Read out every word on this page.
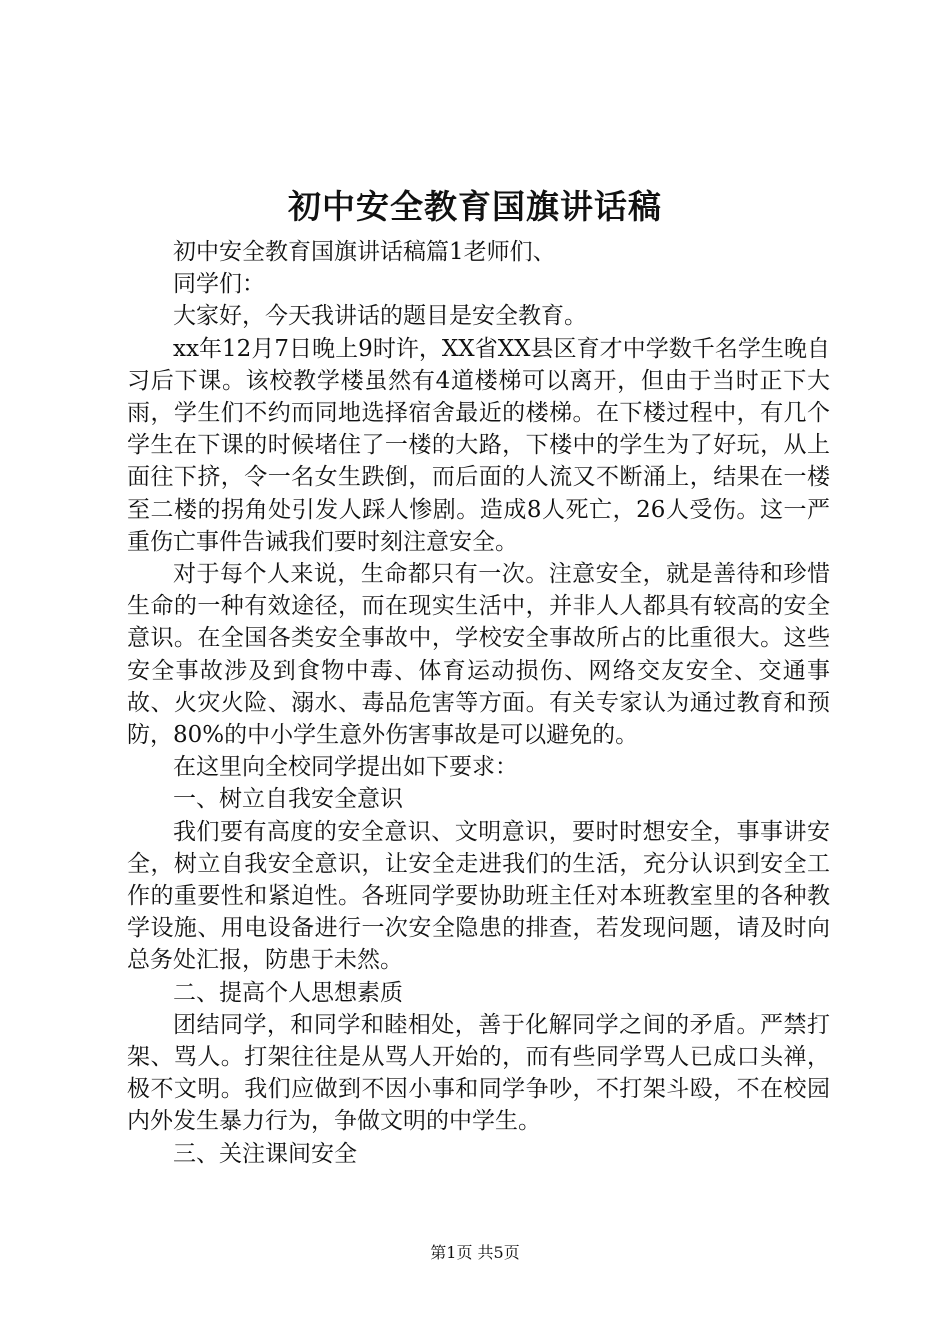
初中安全教育国旗讲话稿

初中安全教育国旗讲话稿篇1老师们、

同学们：

大家好，今天我讲话的题目是安全教育。

xx年12月7日晚上9时许，XX省XX县区育才中学数千名学生晚自习后下课。该校教学楼虽然有4道楼梯可以离开，但由于当时正下大雨，学生们不约而同地选择宿舍最近的楼梯。在下楼过程中，有几个学生在下课的时候堵住了一楼的大路，下楼中的学生为了好玩，从上面往下挤，令一名女生跌倒，而后面的人流又不断涌上，结果在一楼至二楼的拐角处引发人踩人惨剧。造成8人死亡，26人受伤。这一严重伤亡事件告诫我们要时刻注意安全。

对于每个人来说，生命都只有一次。注意安全，就是善待和珍惜生命的一种有效途径，而在现实生活中，并非人人都具有较高的安全意识。在全国各类安全事故中，学校安全事故所占的比重很大。这些安全事故涉及到食物中毒、体育运动损伤、网络交友安全、交通事故、火灾火险、溺水、毒品危害等方面。有关专家认为通过教育和预防，80%的中小学生意外伤害事故是可以避免的。

在这里向全校同学提出如下要求：

一、树立自我安全意识

我们要有高度的安全意识、文明意识，要时时想安全，事事讲安全，树立自我安全意识，让安全走进我们的生活，充分认识到安全工作的重要性和紧迫性。各班同学要协助班主任对本班教室里的各种教学设施、用电设备进行一次安全隐患的排查，若发现问题，请及时向总务处汇报，防患于未然。

二、提高个人思想素质

团结同学，和同学和睦相处，善于化解同学之间的矛盾。严禁打架、骂人。打架往往是从骂人开始的，而有些同学骂人已成口头禅，极不文明。我们应做到不因小事和同学争吵，不打架斗殴，不在校园内外发生暴力行为，争做文明的中学生。

三、关注课间安全

第1页 共5页
